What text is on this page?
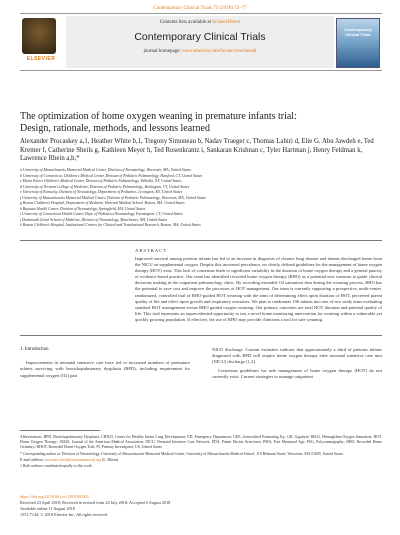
Contemporary Clinical Trials 75 (2018) 72–77
ELSEVIER
Contents lists available at ScienceDirect
Contemporary Clinical Trials
journal homepage: www.elsevier.com/locate/conclintrial
Contemporary Clinical Trials
The optimization of home oxygen weaning in premature infants trial: Design, rationale, methods, and lessons learned
Alexander Procaskey a,1, Heather White b,1, Tregony Simoneau b, Nadav Traeger c, Thomas Lahiri d, Elie G. Abu Jawdeh e, Ted Kremer f, Catherine Sheils g, Kathleen Meyer h, Ted Rosenkrantz i, Sankaran Krishnan c, Tyler Hartman j, Henry Feldman k, Lawrence Rhein a,b,*
a University of Massachusetts Memorial Medical Center, Division of Neonatology, Worcester, MA, United States
b University of Connecticut, Children's Medical Center, Division of Pediatric Pulmonology, Hartford, CT, United States
c Maria Fareri Children's Medical Center, Division of Pediatric Pulmonology, Valhalla, NY, United States
d University of Vermont College of Medicine, Division of Pediatric Pulmonology, Burlington, VT, United States
e University of Kentucky, Division of Neonatology, Department of Pediatrics, Lexington, KY, United States
f University of Massachusetts Memorial Medical Center, Division of Pediatric Pulmonology, Worcester, MA, United States
g Boston Children's Hospital, Department of Medicine, Harvard Medical School, Boston, MA, United States
h Baystate Health Center, Division of Neonatology, Springfield, MA, United States
i University of Connecticut Health Center, Dept. of Pediatrics/Neonatology, Farmington, CT, United States
j Dartmouth Geisel School of Medicine, Division of Neonatology, Manchester, NH, United States
k Boston Children's Hospital, Institutional Centers for Clinical and Translational Research, Boston, MA, United States
ABSTRACT

Improved survival among preterm infants has led to an increase in diagnosis of chronic lung disease and infants discharged home from the NICU on supplemental oxygen. Despite this increased prevalence, no clearly defined guidelines for the management of home oxygen therapy (HOT) exist. This lack of consensus leads to significant variability in the duration of home oxygen therapy and a general paucity of evidence-based practice. Our team has identified recorded home oxygen therapy (RHO) as a potential new measure to guide clinical decisions making in the outpatient pulmonology clinic. By recording extended O2 saturation data during the weaning process, RHO has the potential to save cost and improve the processes of HOT management. Our team is currently supporting a prospective, multi-center, randomized, controlled trial of RHO-guided HOT weaning with the aims of determining effect upon duration of HOT, perceived parent quality of life and effect upon growth and respiratory outcomes. We plan to randomize 196 infants into one of two study arms evaluating standard HOT management versus RHO guided oxygen weaning. Our primary outcomes are total HOT duration and parental quality of life. This trial represents an unprecedented opportunity to test a novel home monitoring intervention for weaning within a vulnerable yet quickly growing population. If effective, the use of RHO may provide clinicians a tool for safe weaning.

1. Introduction

Improvements in neonatal intensive care have led to increased numbers of premature infants surviving with bronchopulmonary dysplasia (BPD), including requirement for supplemental oxygen (O2) past

NICU discharge. Current estimates indicate that approximately a third of preterm infants diagnosed with BPD will require home oxygen therapy after neonatal intensive care unit (NICU) discharge [1,2].

Consensus guidelines for safe management of home oxygen therapy (HOT) do not currently exist. Current strategies to manage outpatient

Abbreviations: BPD, Bronchopulmonary Dysplasia; CHILD, Center for Healthy Infant Lung Development; ED, Emergency Department; GEE, Generalized Estimating Eq.; GR, Gigabyte; HbO2, Hemoglobin-Oxygen Saturation; HOT, Home Oxygen Therapy; JAMA, Journal of the American Medical Association; NICU, Neonatal Intensive Care Network; PDA, Patent Ductus Arteriosus; PMA, Post Menstrual Age; PSG, Polysomnography; RHO, Recorded Home Oximetry; RHOT, Recorded Home Oxygen Trial; PI, Primary Investigator; US, United States
* Corresponding author at: Division of Neonatology, University of Massachusetts Memorial Medical Center, University of Massachusetts Medical School, 119 Belmont Street, Worcester, MA 01605, United States.
E-mail address: lawrence.rhein@umassmemorial.org (L. Rhein).
1 Both authors contributed equally to this work
https://doi.org/10.1016/j.cct.2018.08.003
Received 23 April 2018; Received in revised form 24 July 2018; Accepted 6 August 2018
Available online 11 August 2018
1551-7144/ © 2018 Elsevier Inc. All rights reserved.
